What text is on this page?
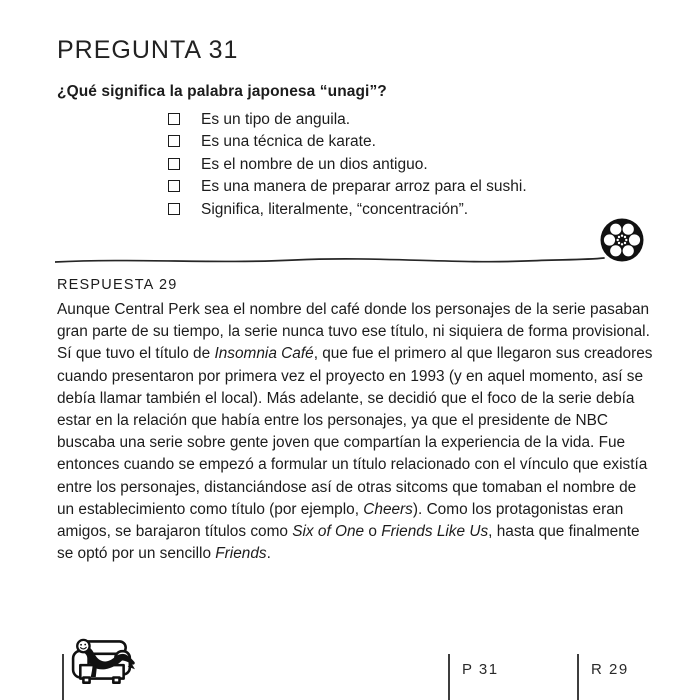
PREGUNTA 31
¿Qué significa la palabra japonesa “unagi”?
Es un tipo de anguila.
Es una técnica de karate.
Es el nombre de un dios antiguo.
Es una manera de preparar arroz para el sushi.
Significa, literalmente, “concentración”.
RESPUESTA 29
Aunque Central Perk sea el nombre del café donde los personajes de la serie pasaban gran parte de su tiempo, la serie nunca tuvo ese título, ni siquiera de forma provisional. Sí que tuvo el título de Insomnia Café, que fue el primero al que llegaron sus creadores cuando presentaron por primera vez el proyecto en 1993 (y en aquel momento, así se debía llamar también el local). Más adelante, se decidió que el foco de la serie debía estar en la relación que había entre los personajes, ya que el presidente de NBC buscaba una serie sobre gente joven que compartían la experiencia de la vida. Fue entonces cuando se empezó a formular un título relacionado con el vínculo que existía entre los personajes, distanciándose así de otras sitcoms que tomaban el nombre de un establecimiento como título (por ejemplo, Cheers). Como los protagonistas eran amigos, se barajaron títulos como Six of One o Friends Like Us, hasta que finalmente se optó por un sencillo Friends.
P 31	R 29
